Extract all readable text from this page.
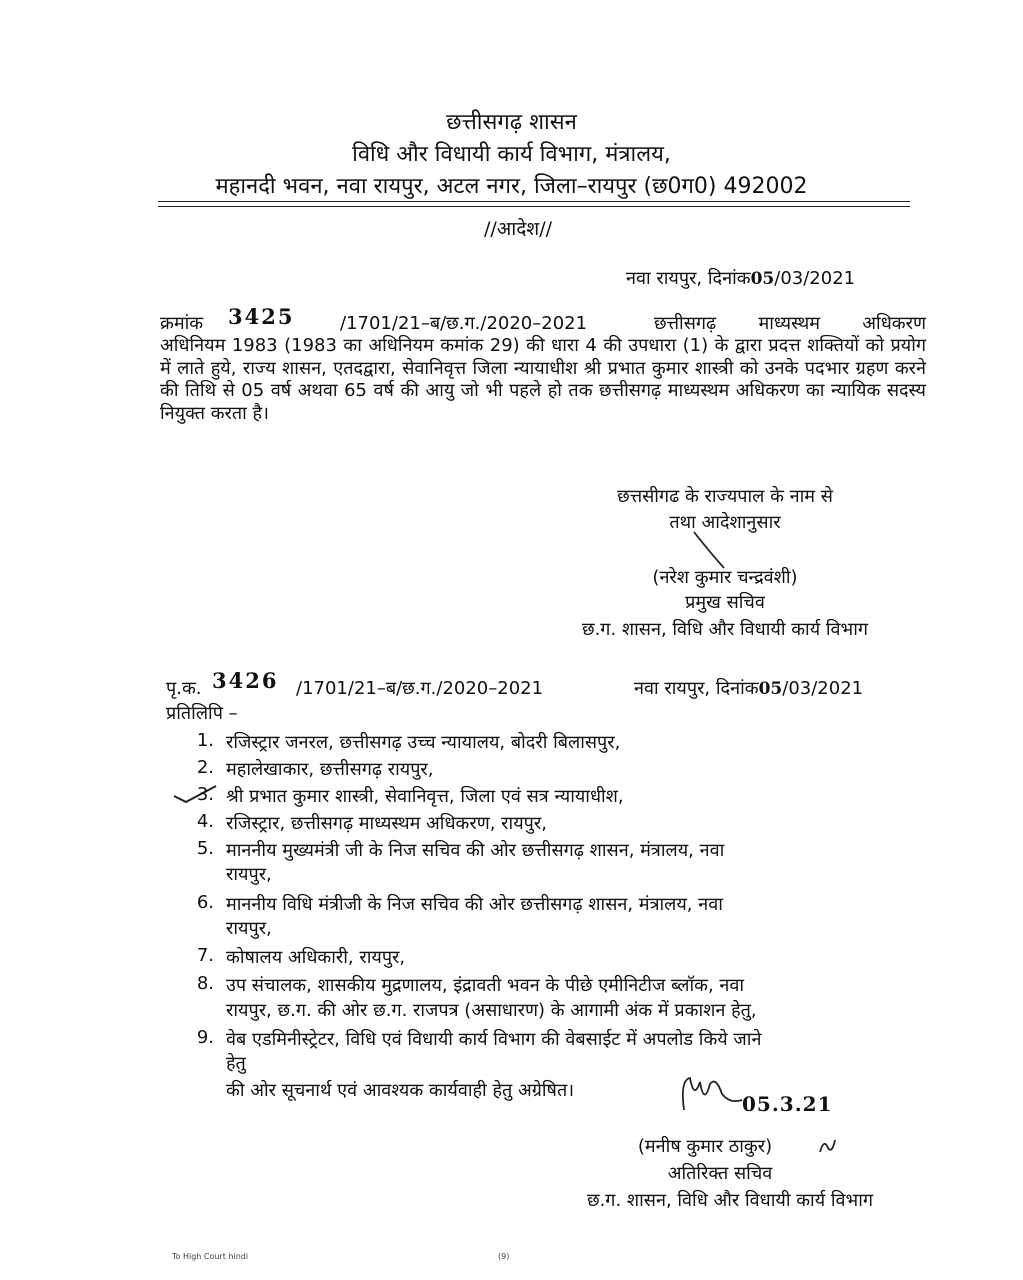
छत्तीसगढ़ शासन
विधि और विधायी कार्य विभाग, मंत्रालय,
महानदी भवन, नवा रायपुर, अटल नगर, जिला–रायपुर (छ0ग0) 492002
//आदेश//
नवा रायपुर, दिनांक05/03/2021
क्रमांक 3425	/1701/21–ब/छ.ग./2020–2021	छत्तीसगढ़ माध्यस्थम अधिकरण
अधिनियम 1983 (1983 का अधिनियम कमांक 29) की धारा 4 की उपधारा (1) के द्वारा प्रदत्त शक्तियों को प्रयोग में लाते हुये, राज्य शासन, एतदद्वारा, सेवानिवृत्त जिला न्यायाधीश श्री प्रभात कुमार शास्त्री को उनके पदभार ग्रहण करने की तिथि से 05 वर्ष अथवा 65 वर्ष की आयु जो भी पहले हो तक छत्तीसगढ़ माध्यस्थम अधिकरण का न्यायिक सदस्य नियुक्त करता है।
छत्तसीगढ के राज्यपाल के नाम से
तथा आदेशानुसार
(नरेश कुमार चन्द्रवंशी)
प्रमुख सचिव
छ.ग. शासन, विधि और विधायी कार्य विभाग
पृ.क. 3426 /1701/21–ब/छ.ग./2020–2021	नवा रायपुर, दिनांक05/03/2021
प्रतिलिपि –
1. रजिस्ट्रार जनरल, छत्तीसगढ़ उच्च न्यायालय, बोदरी बिलासपुर,
2. महालेखाकार, छत्तीसगढ़ रायपुर,
3. श्री प्रभात कुमार शास्त्री, सेवानिवृत्त, जिला एवं सत्र न्यायाधीश,
4. रजिस्ट्रार, छत्तीसगढ़ माध्यस्थम अधिकरण, रायपुर,
5. माननीय मुख्यमंत्री जी के निज सचिव की ओर छत्तीसगढ़ शासन, मंत्रालय, नवा
रायपुर,
6. माननीय विधि मंत्रीजी के निज सचिव की ओर छत्तीसगढ़ शासन, मंत्रालय, नवा
रायपुर,
7. कोषालय अधिकारी, रायपुर,
8. उप संचालक, शासकीय मुद्रणालय, इंद्रावती भवन के पीछे एमीनिटीज ब्लॉक, नवा
रायपुर, छ.ग. की ओर छ.ग. राजपत्र (असाधारण) के आगामी अंक में प्रकाशन हेतु,
9. वेब एडमिनीस्ट्रेटर, विधि एवं विधायी कार्य विभाग की वेबसाईट में अपलोड किये जाने
हेतु
की ओर सूचनार्थ एवं आवश्यक कार्यवाही हेतु अग्रेषित।
05.3.21
(मनीष कुमार ठाकुर)
अतिरिक्त सचिव
छ.ग. शासन, विधि और विधायी कार्य विभाग
To High Court hindi	(9)
